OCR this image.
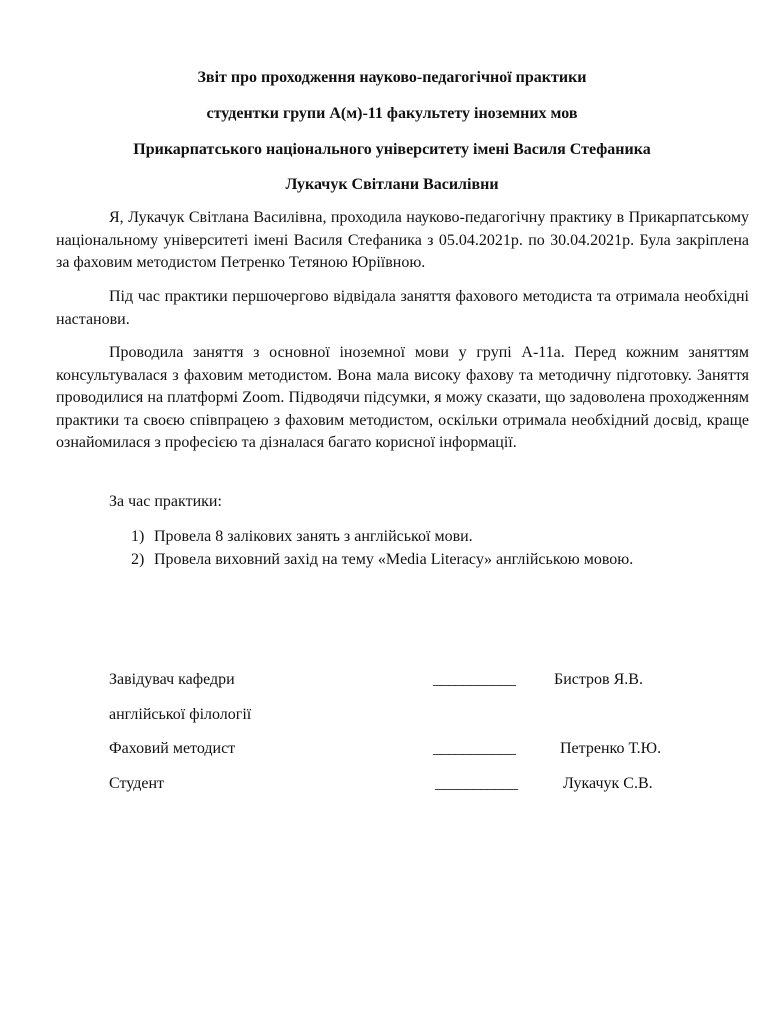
Звіт про проходження науково-педагогічної практики
студентки групи А(м)-11 факультету іноземних мов
Прикарпатського національного університету імені Василя Стефаника
Лукачук Світлани Василівни

Я, Лукачук Світлана Василівна, проходила науково-педагогічну практику в Прикарпатському національному університеті імені Василя Стефаника з 05.04.2021р. по 30.04.2021р. Була закріплена за фаховим методистом Петренко Тетяною Юріївною.

Під час практики першочергово відвідала заняття фахового методиста та отримала необхідні настанови.

Проводила заняття з основної іноземної мови у групі А-11а. Перед кожним заняттям консультувалася з фаховим методистом. Вона мала високу фахову та методичну підготовку. Заняття проводилися на платформі Zoom. Підводячи підсумки, я можу сказати, що задоволена проходженням практики та своєю співпрацею з фаховим методистом, оскільки отримала необхідний досвід, краще ознайомилася з професією та дізналася багато корисної інформації.

За час практики:
1) Провела 8 залікових занять з англійської мови.
2) Провела виховний захід на тему «Media Literacy» англійською мовою.
Завідувач кафедри	___________ Бистров Я.В.
англійської філології
Фаховий методист	___________	Петренко Т.Ю.
Студент	___________	Лукачук С.В.
